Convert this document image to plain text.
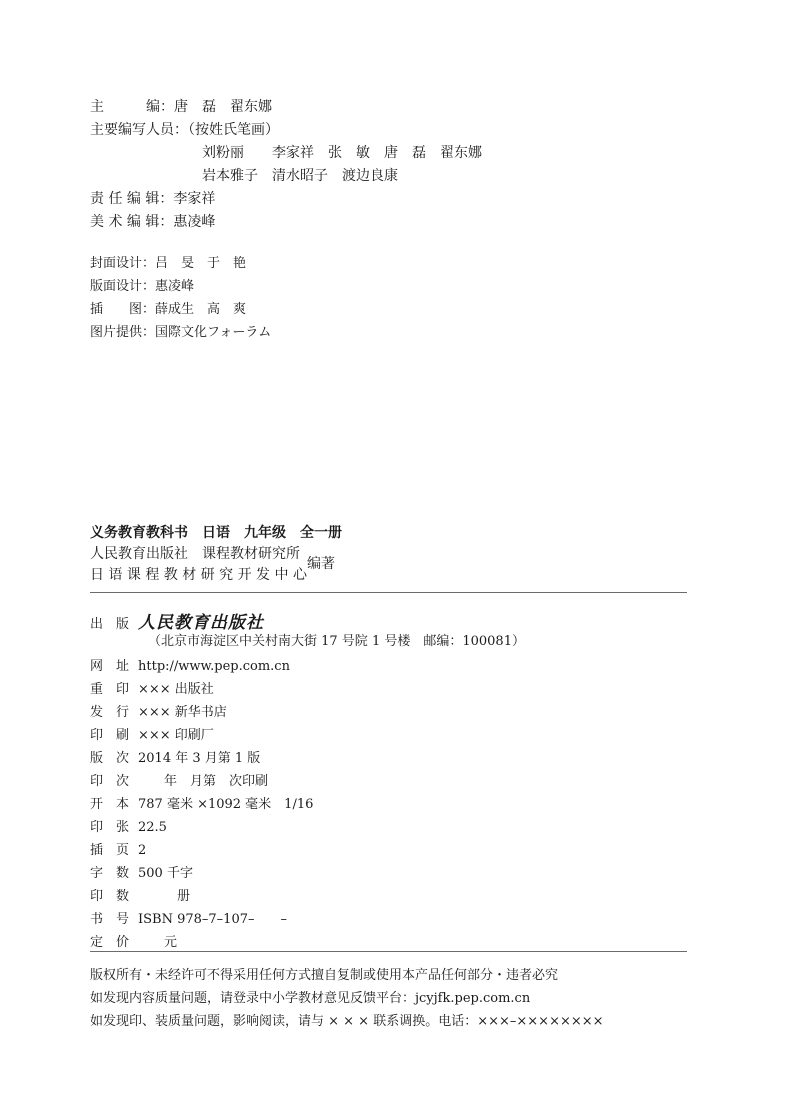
主　　　编：唐　磊　翟东娜
主要编写人员：（按姓氏笔画）
刘粉丽　　李家祥　张　敏　唐　磊　翟东娜
岩本雅子　清水昭子　渡边良康
责 任 编 辑：李家祥
美 术 编 辑：惠凌峰
封面设计：吕　旻　于　艳
版面设计：惠凌峰
插　　图：薛成生　高　爽
图片提供：国際文化フォーラム
义务教育教科书　日语　九年级　全一册
人民教育出版社　课程教材研究所
日 语 课 程 教 材 研 究 开 发 中 心
编著
出　版 人民教育出版社
（北京市海淀区中关村南大街 17 号院 1 号楼　邮编：100081）
网　址 http://www.pep.com.cn
重　印 ××× 出版社
发　行 ××× 新华书店
印　刷 ××× 印刷厂
版　次 2014 年 3 月第 1 版
印　次　　年　月第　次印刷
开　本 787 毫米 ×1092 毫米　1/16
印　张 22.5
插　页 2
字　数 500 千字
印　数　　　册
书　号 ISBN 978–7–107–　　–
定　价　　元
版权所有・未经许可不得采用任何方式擅自复制或使用本产品任何部分・违者必究
如发现内容质量问题，请登录中小学教材意见反馈平台：jcyjfk.pep.com.cn
如发现印、装质量问题，影响阅读，请与 × × × 联系调换。电话：×××–××××××××
